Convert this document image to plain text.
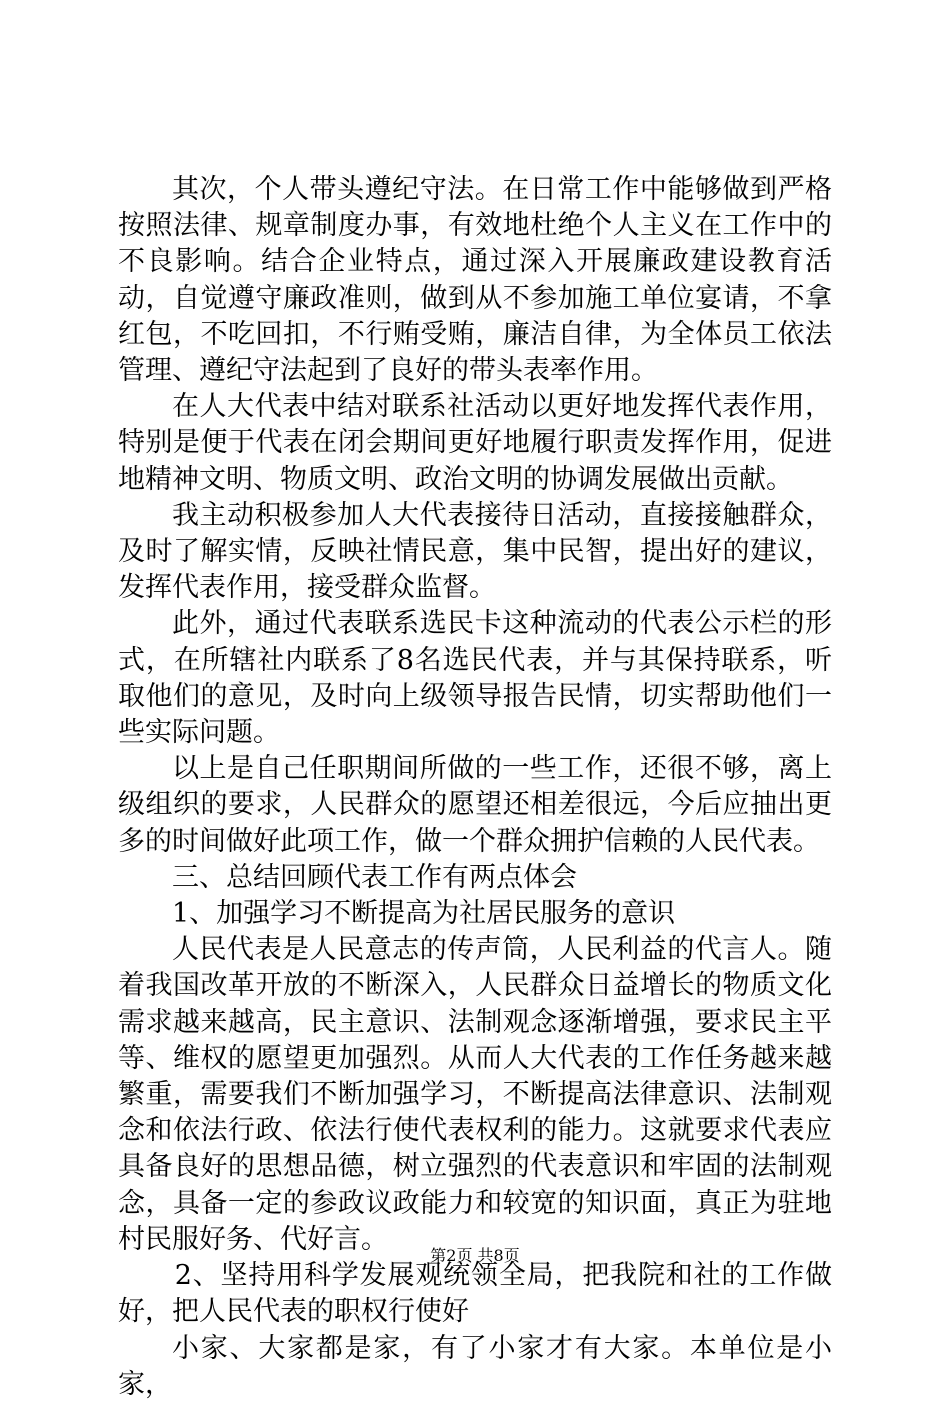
其次，个人带头遵纪守法。在日常工作中能够做到严格按照法律、规章制度办事，有效地杜绝个人主义在工作中的不良影响。结合企业特点，通过深入开展廉政建设教育活动，自觉遵守廉政准则，做到从不参加施工单位宴请，不拿红包，不吃回扣，不行贿受贿，廉洁自律，为全体员工依法管理、遵纪守法起到了良好的带头表率作用。

在人大代表中结对联系社活动以更好地发挥代表作用，特别是便于代表在闭会期间更好地履行职责发挥作用，促进地精神文明、物质文明、政治文明的协调发展做出贡献。

我主动积极参加人大代表接待日活动，直接接触群众，及时了解实情，反映社情民意，集中民智，提出好的建议，发挥代表作用，接受群众监督。

此外，通过代表联系选民卡这种流动的代表公示栏的形式，在所辖社内联系了8名选民代表，并与其保持联系，听取他们的意见，及时向上级领导报告民情，切实帮助他们一些实际问题。

以上是自己任职期间所做的一些工作，还很不够，离上级组织的要求，人民群众的愿望还相差很远，今后应抽出更多的时间做好此项工作，做一个群众拥护信赖的人民代表。

三、总结回顾代表工作有两点体会

1、加强学习不断提高为社居民服务的意识

人民代表是人民意志的传声筒，人民利益的代言人。随着我国改革开放的不断深入，人民群众日益增长的物质文化需求越来越高，民主意识、法制观念逐渐增强，要求民主平等、维权的愿望更加强烈。从而人大代表的工作任务越来越繁重，需要我们不断加强学习，不断提高法律意识、法制观念和依法行政、依法行使代表权利的能力。这就要求代表应具备良好的思想品德，树立强烈的代表意识和牢固的法制观念，具备一定的参政议政能力和较宽的知识面，真正为驻地村民服好务、代好言。

2、坚持用科学发展观统领全局，把我院和社的工作做好，把人民代表的职权行使好

小家、大家都是家，有了小家才有大家。本单位是小家，

第2页 共8页
